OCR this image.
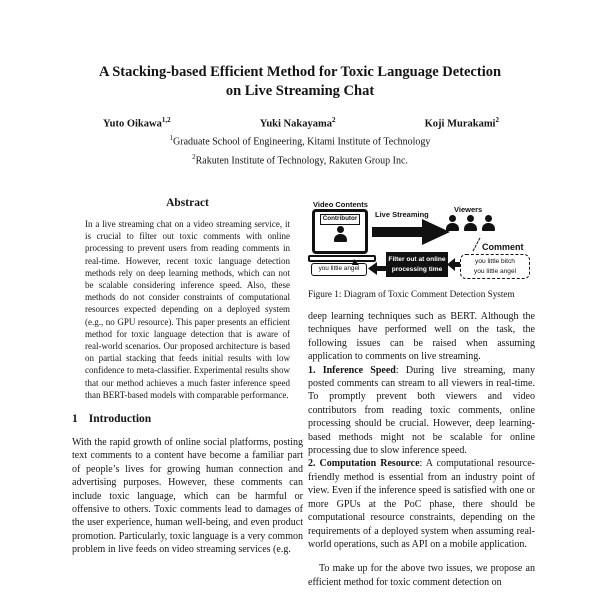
A Stacking-based Efficient Method for Toxic Language Detection
on Live Streaming Chat
Yuto Oikawa$^{1,2}$	Yuki Nakayama$^2$	Koji Murakami$^2$
$^1$Graduate School of Engineering, Kitami Institute of Technology
$^2$Rakuten Institute of Technology, Rakuten Group Inc.
Abstract

In a live streaming chat on a video streaming service, it is crucial to filter out toxic comments with online processing to prevent users from reading comments in real-time. However, recent toxic language detection methods rely on deep learning methods, which can not be scalable considering inference speed. Also, these methods do not consider constraints of computational resources expected depending on a deployed system (e.g., no GPU resource). This paper presents an efficient method for toxic language detection that is aware of real-world scenarios. Our proposed architecture is based on partial stacking that feeds initial results with low confidence to meta-classifier. Experimental results show that our method achieves a much faster inference speed than BERT-based models with comparable performance.

1 Introduction

With the rapid growth of online social platforms, posting text comments to a content have become a familiar part of people’s lives for growing human connection and advertising purposes. However, these comments can include toxic language, which can be harmful or offensive to others. Toxic comments lead to damages of the user experience, human well-being, and even product promotion. Particularly, toxic language is a very common problem in live feeds on video streaming services (e.g.

Video Contents
Contributor
you little angel
Live Streaming
Viewers
Comment
you little bitch
you little angel
Filter out at online
processing time
Figure 1: Diagram of Toxic Comment Detection System

deep learning techniques such as BERT. Although the techniques have performed well on the task, the following issues can be raised when assuming application to comments on live streaming.

1. Inference Speed: During live streaming, many posted comments can stream to all viewers in real-time. To promptly prevent both viewers and video contributors from reading toxic comments, online processing should be crucial. However, deep learning-based methods might not be scalable for online processing due to slow inference speed.

2. Computation Resource: A computational resource-friendly method is essential from an industry point of view. Even if the inference speed is satisfied with one or more GPUs at the PoC phase, there should be computational resource constraints, depending on the requirements of a deployed system when assuming real-world operations, such as API on a mobile application.

To make up for the above two issues, we propose an efficient method for toxic comment detection on
